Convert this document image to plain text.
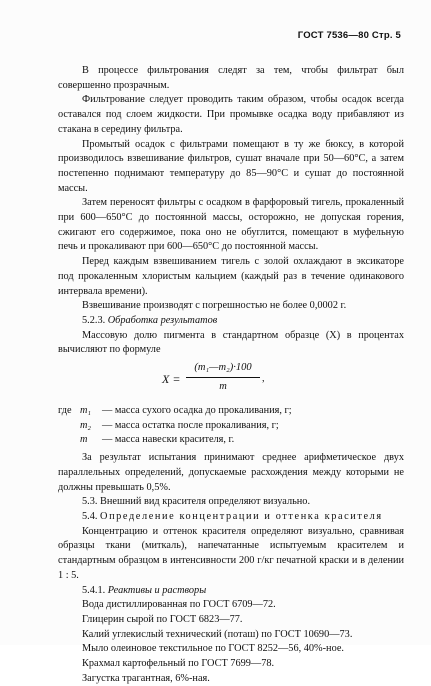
ГОСТ 7536—80 Стр. 5

В процессе фильтрования следят за тем, чтобы фильтрат был совершенно прозрачным.

Фильтрование следует проводить таким образом, чтобы осадок всегда оставался под слоем жидкости. При промывке осадка воду прибавляют из стакана в середину фильтра.

Промытый осадок с фильтрами помещают в ту же бюксу, в которой производилось взвешивание фильтров, сушат вначале при 50—60°С, а затем постепенно поднимают температуру до 85—90°С и сушат до постоянной массы.

Затем переносят фильтры с осадком в фарфоровый тигель, прокаленный при 600—650°С до постоянной массы, осторожно, не допуская горения, сжигают его содержимое, пока оно не обуглится, помещают в муфельную печь и прокаливают при 600—650°С до постоянной массы.

Перед каждым взвешиванием тигель с золой охлаждают в эксикаторе под прокаленным хлористым кальцием (каждый раз в течение одинакового интервала времени).

Взвешивание производят с погрешностью не более 0,0002 г.

5.2.3. Обработка результатов

Массовую долю пигмента в стандартном образце (X) в процентах вычисляют по формуле

$X = \frac{\text{(m₁—m₂)·100}}{m}$ ,
где m₁	— масса сухого осадка до прокаливания, г;
m₂	— масса остатка после прокаливания, г;
m	— масса навески красителя, г.

За результат испытания принимают среднее арифметическое двух параллельных определений, допускаемые расхождения между которыми не должны превышать 0,5%.

5.3. Внешний вид красителя определяют визуально.

5.4. Определение концентрации и оттенка красителя

Концентрацию и оттенок красителя определяют визуально, сравнивая образцы ткани (миткаль), напечатанные испытуемым красителем и стандартным образцом в интенсивности 200 г/кг печатной краски и в делении 1 : 5.

5.4.1. Реактивы и растворы

Вода дистиллированная по ГОСТ 6709—72.

Глицерин сырой по ГОСТ 6823—77.

Калий углекислый технический (поташ) по ГОСТ 10690—73.

Мыло олеиновое текстильное по ГОСТ 8252—56, 40%-ное.

Крахмал картофельный по ГОСТ 7699—78.

Загустка трагантная, 6%-ная.
